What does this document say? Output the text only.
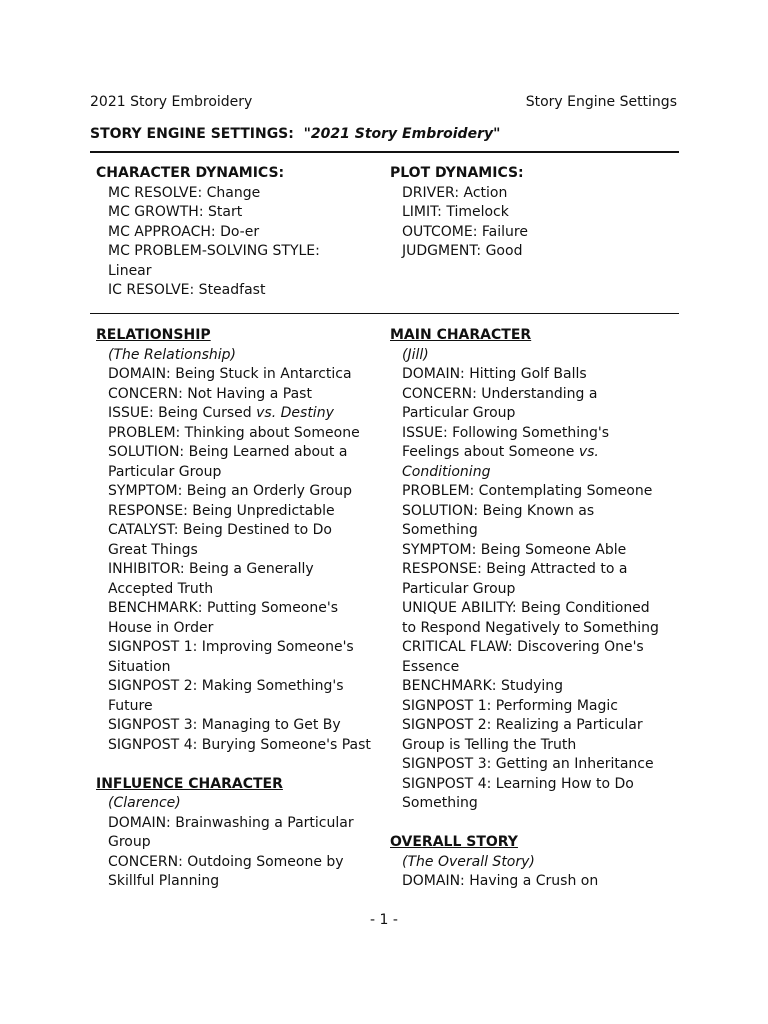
2021 Story Embroidery	Story Engine Settings
STORY ENGINE SETTINGS: "2021 Story Embroidery"
CHARACTER DYNAMICS:
MC RESOLVE: Change
MC GROWTH: Start
MC APPROACH: Do-er
MC PROBLEM-SOLVING STYLE:
Linear
IC RESOLVE: Steadfast
PLOT DYNAMICS:
DRIVER: Action
LIMIT: Timelock
OUTCOME: Failure
JUDGMENT: Good
RELATIONSHIP
(The Relationship)
DOMAIN: Being Stuck in Antarctica
CONCERN: Not Having a Past
ISSUE: Being Cursed vs. Destiny
PROBLEM: Thinking about Someone
SOLUTION: Being Learned about a
Particular Group
SYMPTOM: Being an Orderly Group
RESPONSE: Being Unpredictable
CATALYST: Being Destined to Do
Great Things
INHIBITOR: Being a Generally
Accepted Truth
BENCHMARK: Putting Someone's
House in Order
SIGNPOST 1: Improving Someone's
Situation
SIGNPOST 2: Making Something's
Future
SIGNPOST 3: Managing to Get By
SIGNPOST 4: Burying Someone's Past
INFLUENCE CHARACTER
(Clarence)
DOMAIN: Brainwashing a Particular
Group
CONCERN: Outdoing Someone by
Skillful Planning
MAIN CHARACTER
(Jill)
DOMAIN: Hitting Golf Balls
CONCERN: Understanding a
Particular Group
ISSUE: Following Something's
Feelings about Someone vs.
Conditioning
PROBLEM: Contemplating Someone
SOLUTION: Being Known as
Something
SYMPTOM: Being Someone Able
RESPONSE: Being Attracted to a
Particular Group
UNIQUE ABILITY: Being Conditioned
to Respond Negatively to Something
CRITICAL FLAW: Discovering One's
Essence
BENCHMARK: Studying
SIGNPOST 1: Performing Magic
SIGNPOST 2: Realizing a Particular
Group is Telling the Truth
SIGNPOST 3: Getting an Inheritance
SIGNPOST 4: Learning How to Do
Something
OVERALL STORY
(The Overall Story)
DOMAIN: Having a Crush on
- 1 -
